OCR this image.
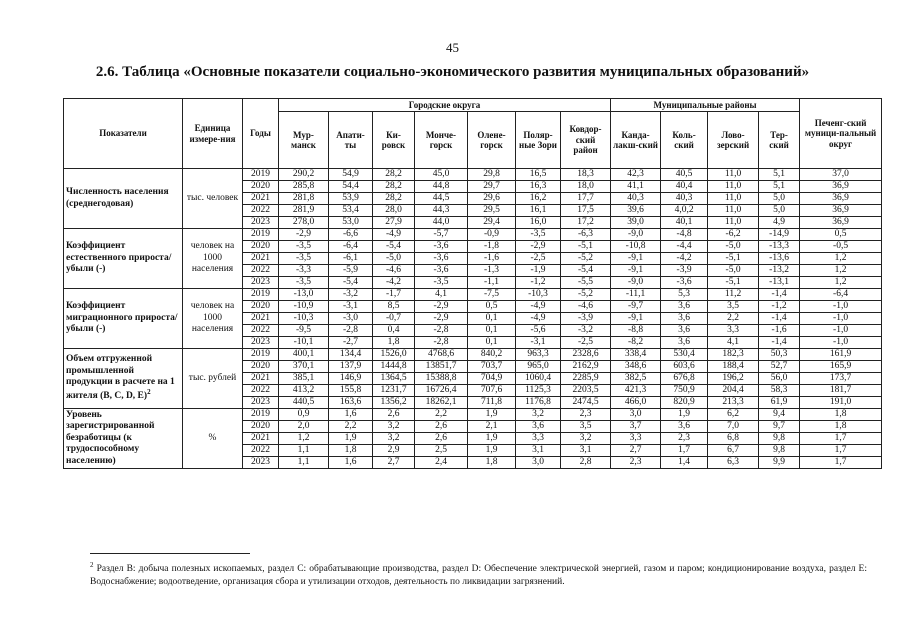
45
2.6. Таблица «Основные показатели социально-экономического развития муниципальных образований»
Показатели	Единица измере-ния	Годы	Городские округа							Муниципальные районы				Печенг-ский муници-пальный округ
			Мур-манск	Апати-ты	Ки-ровск	Монче-горск	Олене-горск	Поляр-ные Зори	Ковдор-ский район	Канда-лакш-ский	Коль-ский	Лово-зерский	Тер-ский	
Численность населения (среднегодовая)	тыс. человек	2019	290,2	54,9	28,2	45,0	29,8	16,5	18,3	42,3	40,5	11,0	5,1	37,0
		2020	285,8	54,4	28,2	44,8	29,7	16,3	18,0	41,1	40,4	11,0	5,1	36,9
		2021	281,8	53,9	28,2	44,5	29,6	16,2	17,7	40,3	40,3	11,0	5,0	36,9
		2022	281,9	53,4	28,0	44,3	29,5	16,1	17,5	39,6	4,0,2	11,0	5,0	36,9
		2023	278,0	53,0	27,9	44,0	29,4	16,0	17,2	39,0	40,1	11,0	4,9	36,9
Коэффициент естественного прироста/убыли (-)	человек на 1000 населения	2019	-2,9	-6,6	-4,9	-5,7	-0,9	-3,5	-6,3	-9,0	-4,8	-6,2	-14,9	0,5
		2020	-3,5	-6,4	-5,4	-3,6	-1,8	-2,9	-5,1	-10,8	-4,4	-5,0	-13,3	-0,5
		2021	-3,5	-6,1	-5,0	-3,6	-1,6	-2,5	-5,2	-9,1	-4,2	-5,1	-13,6	1,2
		2022	-3,3	-5,9	-4,6	-3,6	-1,3	-1,9	-5,4	-9,1	-3,9	-5,0	-13,2	1,2
		2023	-3,5	-5,4	-4,2	-3,5	-1,1	-1,2	-5,5	-9,0	-3,6	-5,1	-13,1	1,2
Коэффициент миграционного прироста/убыли (-)	человек на 1000 населения	2019	-13,0	-3,2	-1,7	4,1	-7,5	-10,3	-5,2	-11,1	5,3	11,2	-1,4	-6,4
		2020	-10,9	-3,1	8,5	-2,9	0,5	-4,9	-4,6	-9,7	3,6	3,5	-1,2	-1,0
		2021	-10,3	-3,0	-0,7	-2,9	0,1	-4,9	-3,9	-9,1	3,6	2,2	-1,4	-1,0
		2022	-9,5	-2,8	0,4	-2,8	0,1	-5,6	-3,2	-8,8	3,6	3,3	-1,6	-1,0
		2023	-10,1	-2,7	1,8	-2,8	0,1	-3,1	-2,5	-8,2	3,6	4,1	-1,4	-1,0
Объем отгруженной промышленной продукции в расчете на 1 жителя (B, C, D, E)$^2$	тыс. рублей	2019	400,1	134,4	1526,0	4768,6	840,2	963,3	2328,6	338,4	530,4	182,3	50,3	161,9
		2020	370,1	137,9	1444,8	13851,7	703,7	965,0	2162,9	348,6	603,6	188,4	52,7	165,9
		2021	385,1	146,9	1364,5	15388,8	704,9	1060,4	2285,9	382,5	676,8	196,2	56,0	173,7
		2022	413,2	155,8	1231,7	16726,4	707,6	1125,3	2203,5	421,3	750,9	204,4	58,3	181,7
		2023	440,5	163,6	1356,2	18262,1	711,8	1176,8	2474,5	466,0	820,9	213,3	61,9	191,0
Уровень зарегистрированной безработицы (к трудоспособному населению)	%	2019	0,9	1,6	2,6	2,2	1,9	3,2	2,3	3,0	1,9	6,2	9,4	1,8
		2020	2,0	2,2	3,2	2,6	2,1	3,6	3,5	3,7	3,6	7,0	9,7	1,8
		2021	1,2	1,9	3,2	2,6	1,9	3,3	3,2	3,3	2,3	6,8	9,8	1,7
		2022	1,1	1,8	2,9	2,5	1,9	3,1	3,1	2,7	1,7	6,7	9,8	1,7
		2023	1,1	1,6	2,7	2,4	1,8	3,0	2,8	2,3	1,4	6,3	9,9	1,7
$^2$ Раздел B: добыча полезных ископаемых, раздел C: обрабатывающие производства, раздел D: Обеспечение электрической энергией, газом и паром; кондиционирование воздуха, раздел E: Водоснабжение; водоотведение, организация сбора и утилизации отходов, деятельность по ликвидации загрязнений.
